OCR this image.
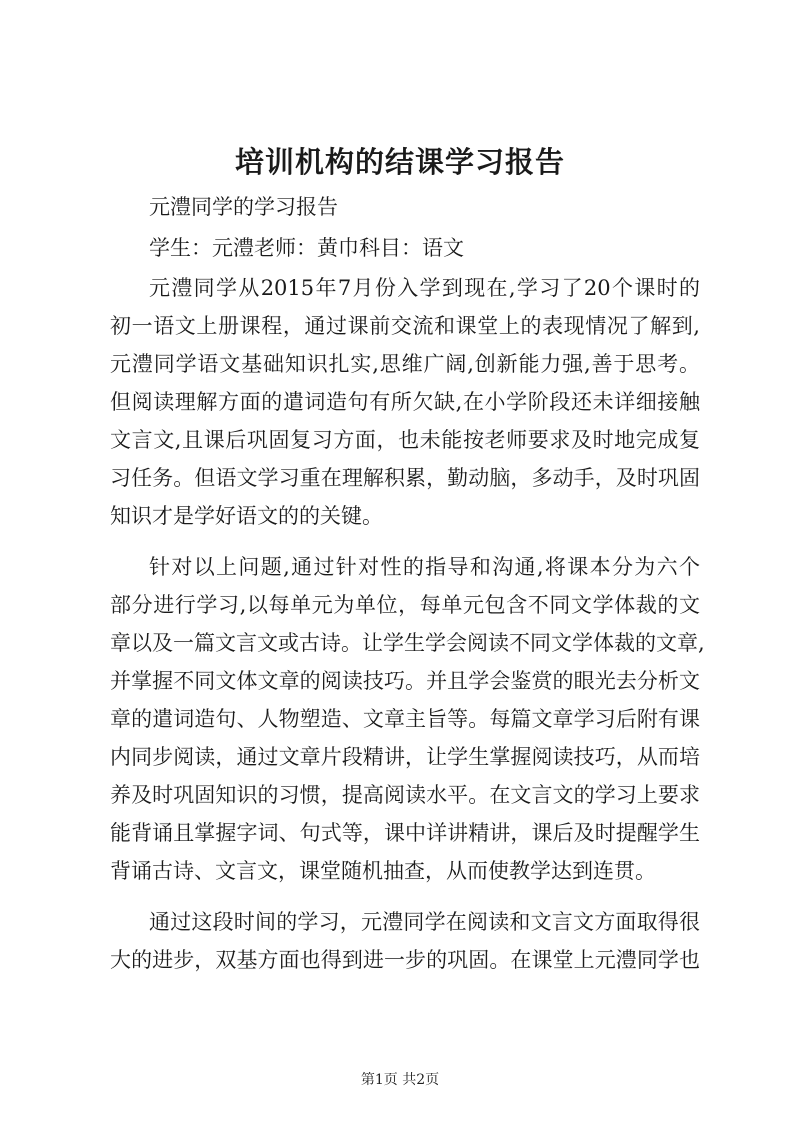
培训机构的结课学习报告
元澧同学的学习报告
学生：元澧老师：黄巾科目：语文
元澧同学从2015年7月份入学到现在,学习了20个课时的
初一语文上册课程，通过课前交流和课堂上的表现情况了解到,
元澧同学语文基础知识扎实,思维广阔,创新能力强,善于思考。
但阅读理解方面的遣词造句有所欠缺,在小学阶段还未详细接触
文言文,且课后巩固复习方面，也未能按老师要求及时地完成复
习任务。但语文学习重在理解积累，勤动脑，多动手，及时巩固
知识才是学好语文的的关键。
针对以上问题,通过针对性的指导和沟通,将课本分为六个
部分进行学习,以每单元为单位，每单元包含不同文学体裁的文
章以及一篇文言文或古诗。让学生学会阅读不同文学体裁的文章,
并掌握不同文体文章的阅读技巧。并且学会鉴赏的眼光去分析文
章的遣词造句、人物塑造、文章主旨等。每篇文章学习后附有课
内同步阅读，通过文章片段精讲，让学生掌握阅读技巧，从而培
养及时巩固知识的习惯，提高阅读水平。在文言文的学习上要求
能背诵且掌握字词、句式等，课中详讲精讲，课后及时提醒学生
背诵古诗、文言文，课堂随机抽查，从而使教学达到连贯。
通过这段时间的学习，元澧同学在阅读和文言文方面取得很
大的进步，双基方面也得到进一步的巩固。在课堂上元澧同学也
第1页 共2页
